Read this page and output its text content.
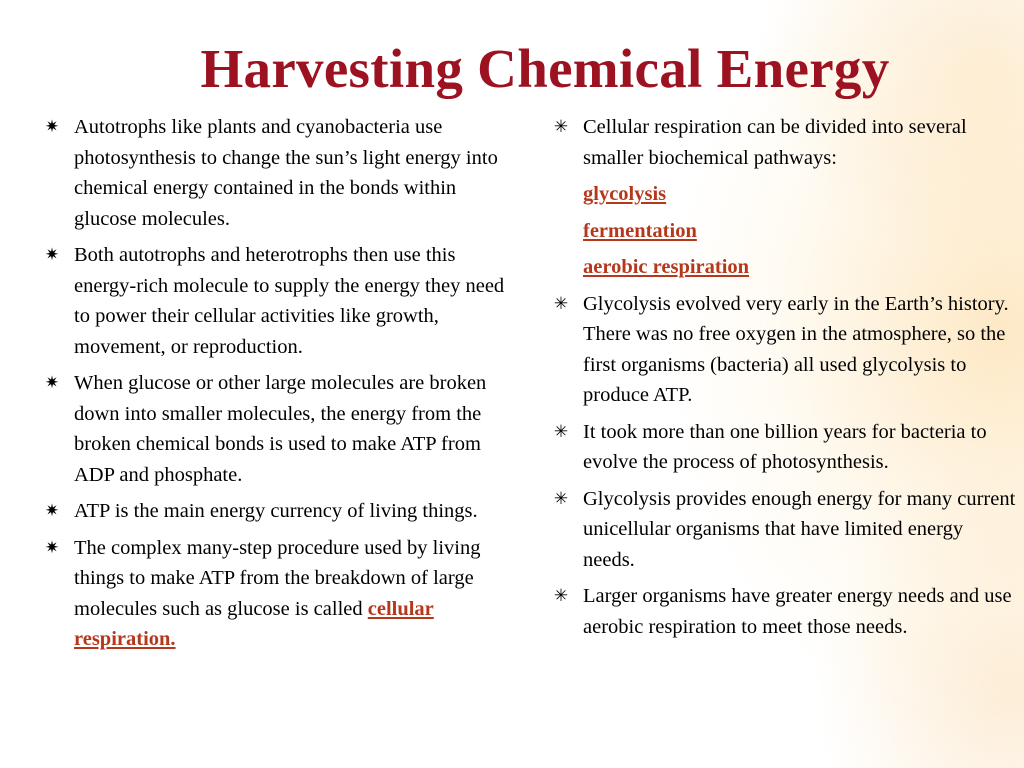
Harvesting Chemical Energy
✷ Autotrophs like plants and cyanobacteria use photosynthesis to change the sun’s light energy into chemical energy contained in the bonds within glucose molecules.
✷ Both autotrophs and heterotrophs then use this energy-rich molecule to supply the energy they need to power their cellular activities like growth, movement, or reproduction.
✷ When glucose or other large molecules are broken down into smaller molecules, the energy from the broken chemical bonds is used to make ATP from ADP and phosphate.
✷ ATP is the main energy currency of living things.
✷ The complex many-step procedure used by living things to make ATP from the breakdown of large molecules such as glucose is called cellular respiration.
✳ Cellular respiration can be divided into several smaller biochemical pathways:
glycolysis
fermentation
aerobic respiration
✳ Glycolysis evolved very early in the Earth’s history. There was no free oxygen in the atmosphere, so the first organisms (bacteria) all used glycolysis to produce ATP.
✳ It took more than one billion years for bacteria to evolve the process of photosynthesis.
✳ Glycolysis provides enough energy for many current unicellular organisms that have limited energy needs.
✳ Larger organisms have greater energy needs and use aerobic respiration to meet those needs.
